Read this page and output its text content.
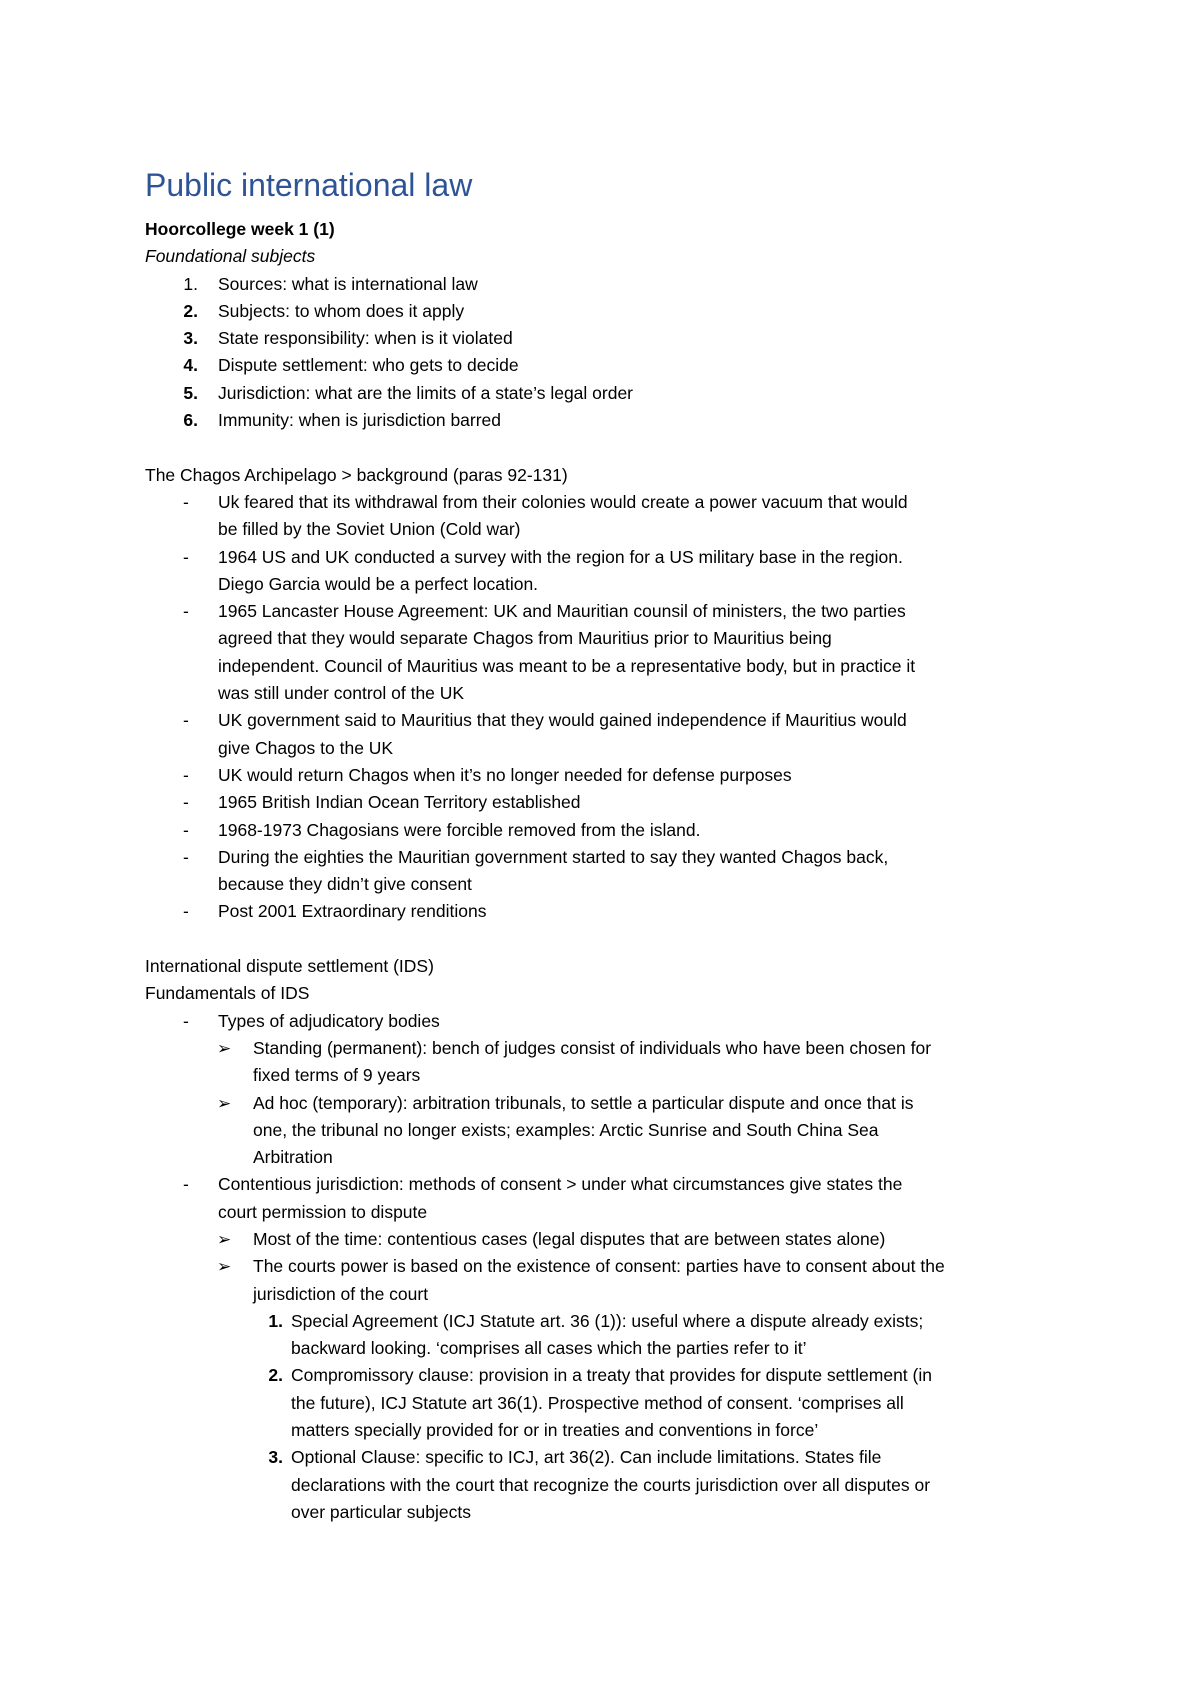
Public international law
Hoorcollege week 1 (1)
Foundational subjects
1. Sources: what is international law
2. Subjects: to whom does it apply
3. State responsibility: when is it violated
4. Dispute settlement: who gets to decide
5. Jurisdiction: what are the limits of a state’s legal order
6. Immunity: when is jurisdiction barred
The Chagos Archipelago > background (paras 92-131)
- Uk feared that its withdrawal from their colonies would create a power vacuum that would
be filled by the Soviet Union (Cold war)
- 1964 US and UK conducted a survey with the region for a US military base in the region.
Diego Garcia would be a perfect location.
- 1965 Lancaster House Agreement: UK and Mauritian counsil of ministers, the two parties
agreed that they would separate Chagos from Mauritius prior to Mauritius being
independent. Council of Mauritius was meant to be a representative body, but in practice it
was still under control of the UK
- UK government said to Mauritius that they would gained independence if Mauritius would
give Chagos to the UK
- UK would return Chagos when it’s no longer needed for defense purposes
- 1965 British Indian Ocean Territory established
- 1968-1973 Chagosians were forcible removed from the island.
- During the eighties the Mauritian government started to say they wanted Chagos back,
because they didn’t give consent
- Post 2001 Extraordinary renditions
International dispute settlement (IDS)
Fundamentals of IDS
- Types of adjudicatory bodies
➢ Standing (permanent): bench of judges consist of individuals who have been chosen for
fixed terms of 9 years
➢ Ad hoc (temporary): arbitration tribunals, to settle a particular dispute and once that is
one, the tribunal no longer exists; examples: Arctic Sunrise and South China Sea
Arbitration
- Contentious jurisdiction: methods of consent > under what circumstances give states the
court permission to dispute
➢ Most of the time: contentious cases (legal disputes that are between states alone)
➢ The courts power is based on the existence of consent: parties have to consent about the
jurisdiction of the court
1. Special Agreement (ICJ Statute art. 36 (1)): useful where a dispute already exists;
backward looking. ‘comprises all cases which the parties refer to it’
2. Compromissory clause: provision in a treaty that provides for dispute settlement (in
the future), ICJ Statute art 36(1). Prospective method of consent. ‘comprises all
matters specially provided for or in treaties and conventions in force’
3. Optional Clause: specific to ICJ, art 36(2). Can include limitations. States file
declarations with the court that recognize the courts jurisdiction over all disputes or
over particular subjects
